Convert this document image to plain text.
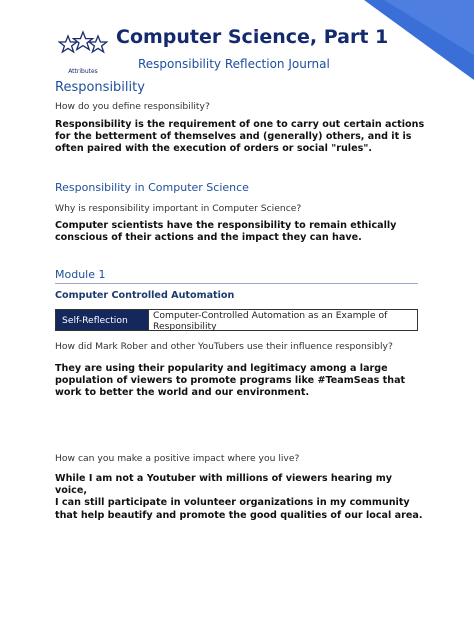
Attributes
Computer Science, Part 1
Responsibility Reflection Journal
Responsibility
How do you define responsibility?
Responsibility is the requirement of one to carry out certain actions
for the betterment of themselves and (generally) others, and it is
often paired with the execution of orders or social "rules".
Responsibility in Computer Science
Why is responsibility important in Computer Science?
Computer scientists have the responsibility to remain ethically
conscious of their actions and the impact they can have.
Module 1
Computer Controlled Automation
Self-Reflection	Computer-Controlled Automation as an Example of
Responsibility
How did Mark Rober and other YouTubers use their influence responsibly?
They are using their popularity and legitimacy among a large
population of viewers to promote programs like #TeamSeas that
work to better the world and our environment.
How can you make a positive impact where you live?
While I am not a Youtuber with millions of viewers hearing my voice,
I can still participate in volunteer organizations in my community
that help beautify and promote the good qualities of our local area.
